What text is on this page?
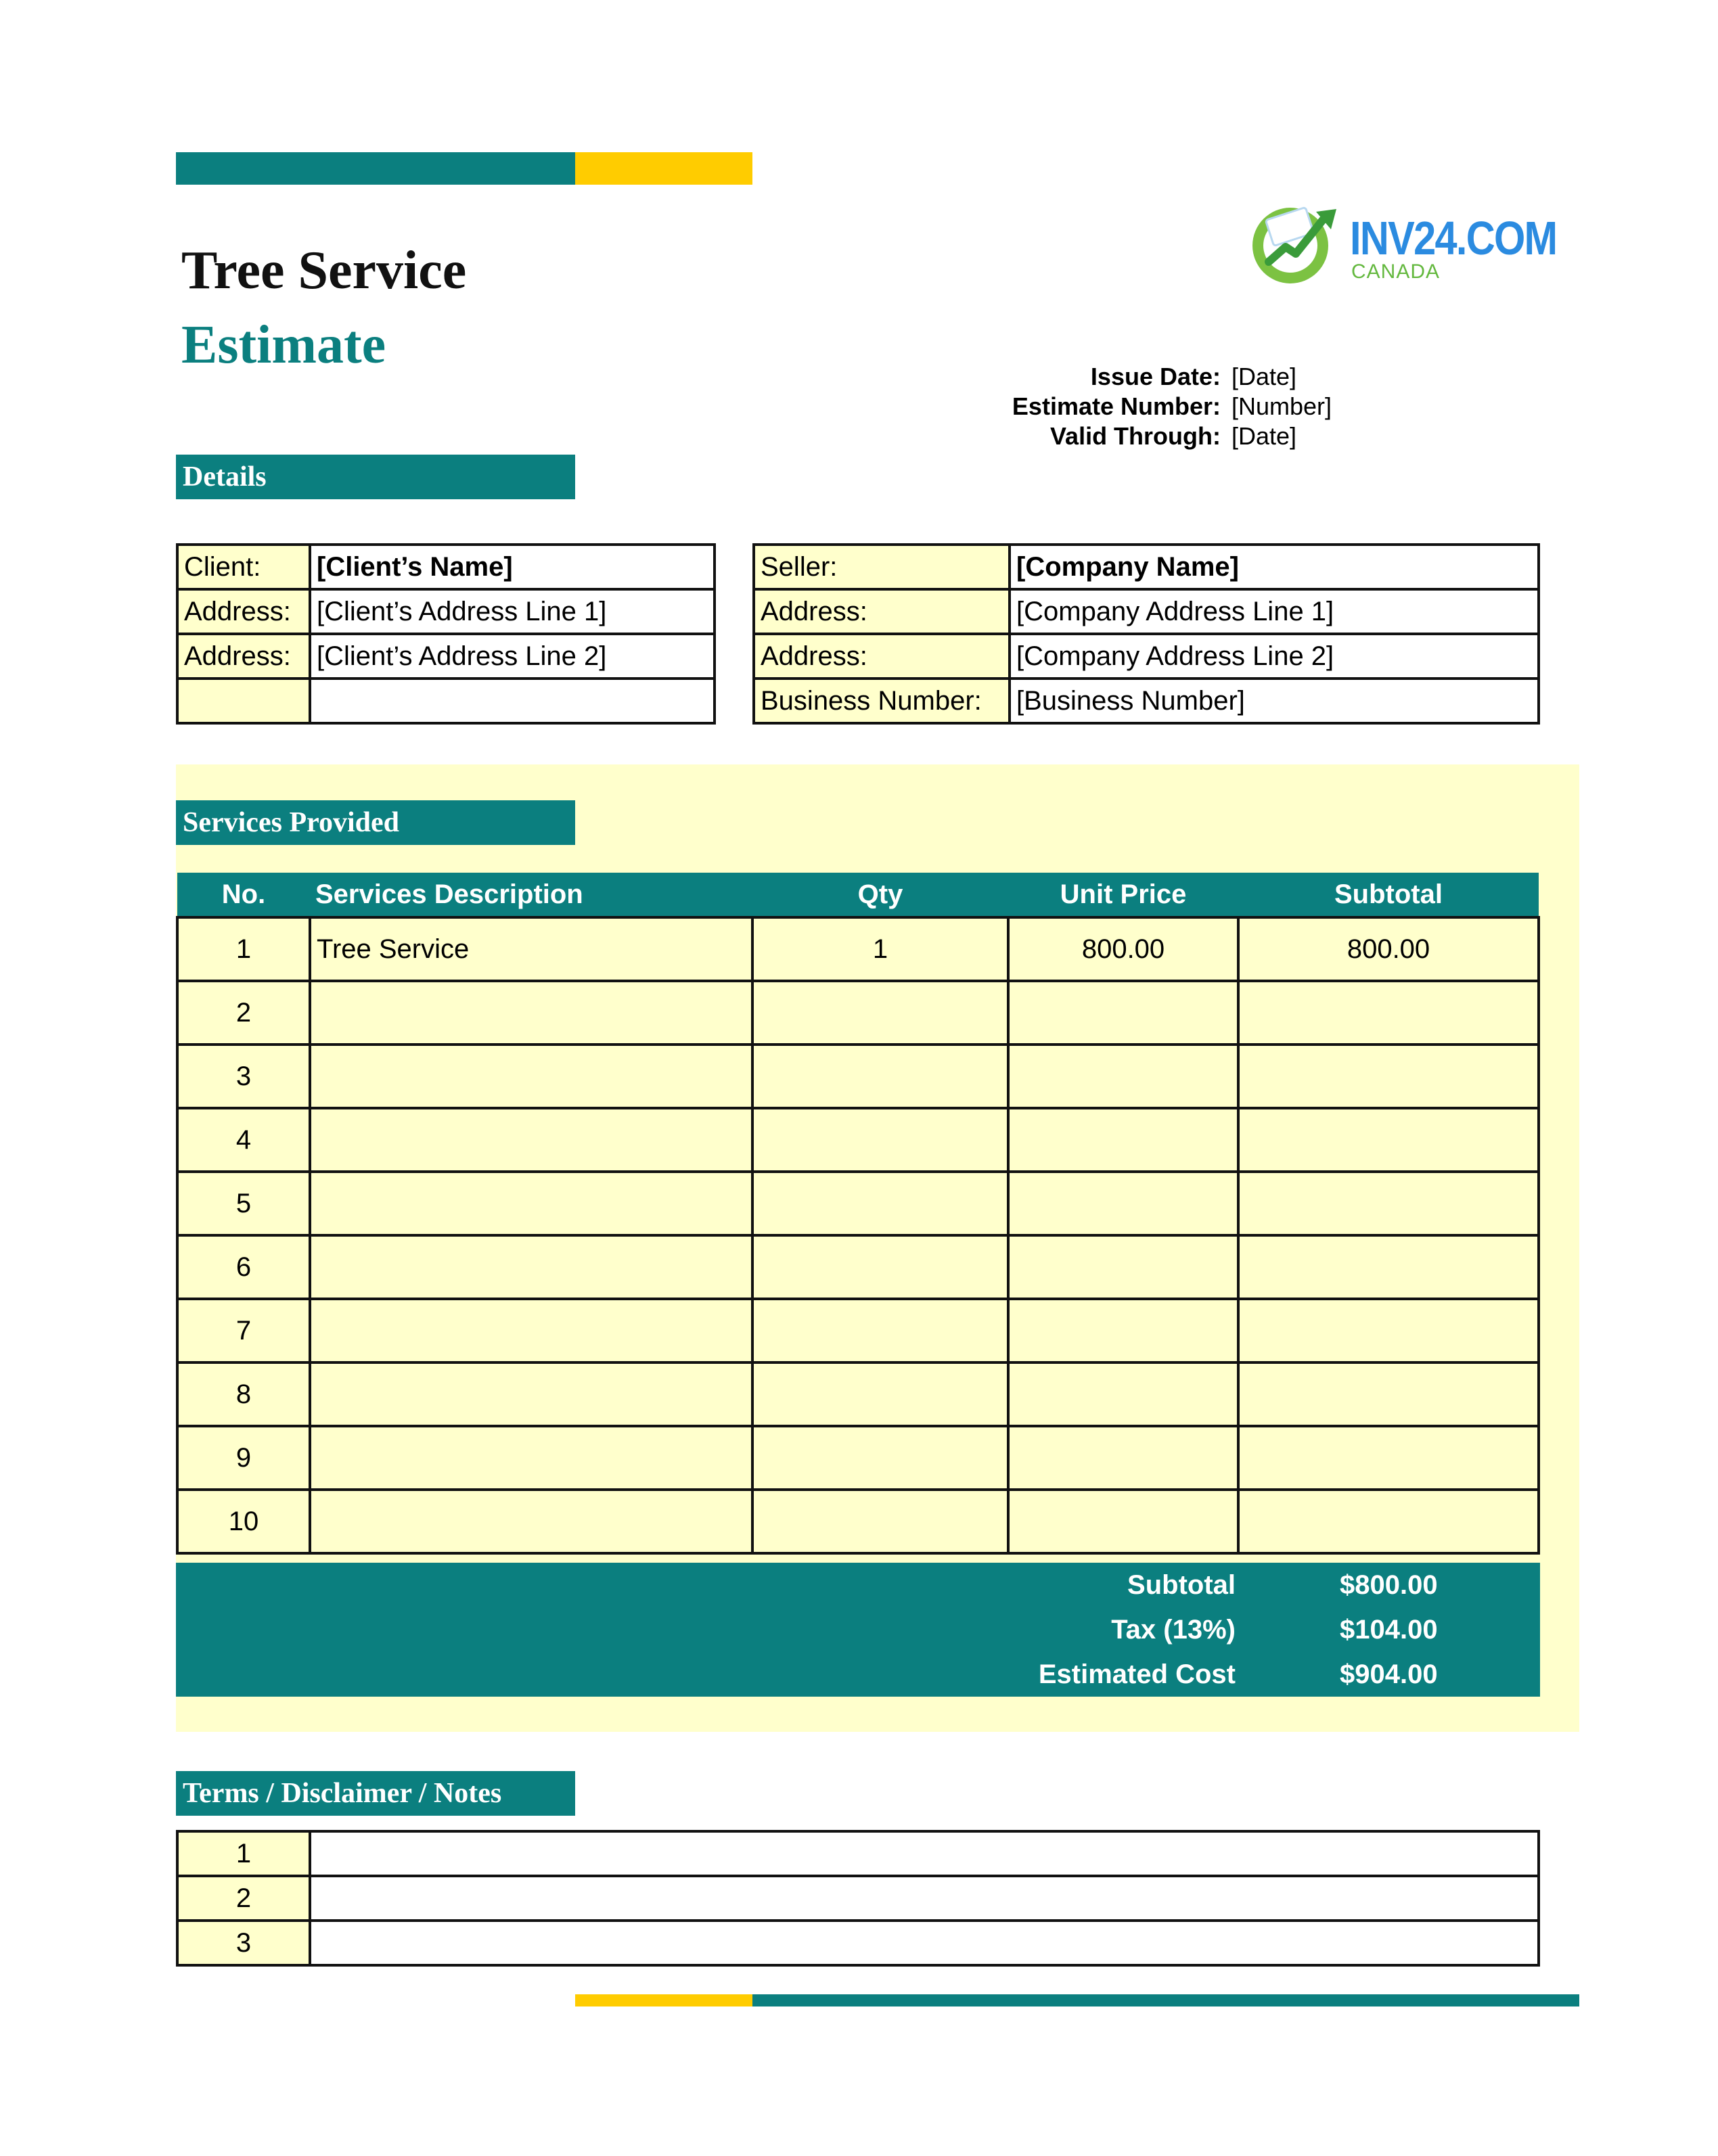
Tree Service
Estimate
INV24.COM
CANADA
Issue Date: [Date]
Estimate Number: [Number]
Valid Through: [Date]
Details
Client:	[Client’s Name]
Address:	[Client’s Address Line 1]
Address:	[Client’s Address Line 2]

Seller:	[Company Name]
Address:	[Company Address Line 1]
Address:	[Company Address Line 2]
Business Number:	[Business Number]
Services Provided
No.	Services Description	Qty	Unit Price	Subtotal
1	Tree Service	1	800.00	800.00
2				
3				
4				
5				
6				
7				
8				
9				
10				
Subtotal	$800.00
Tax (13%)	$104.00
Estimated Cost	$904.00
Terms / Disclaimer / Notes
1	
2	
3	
